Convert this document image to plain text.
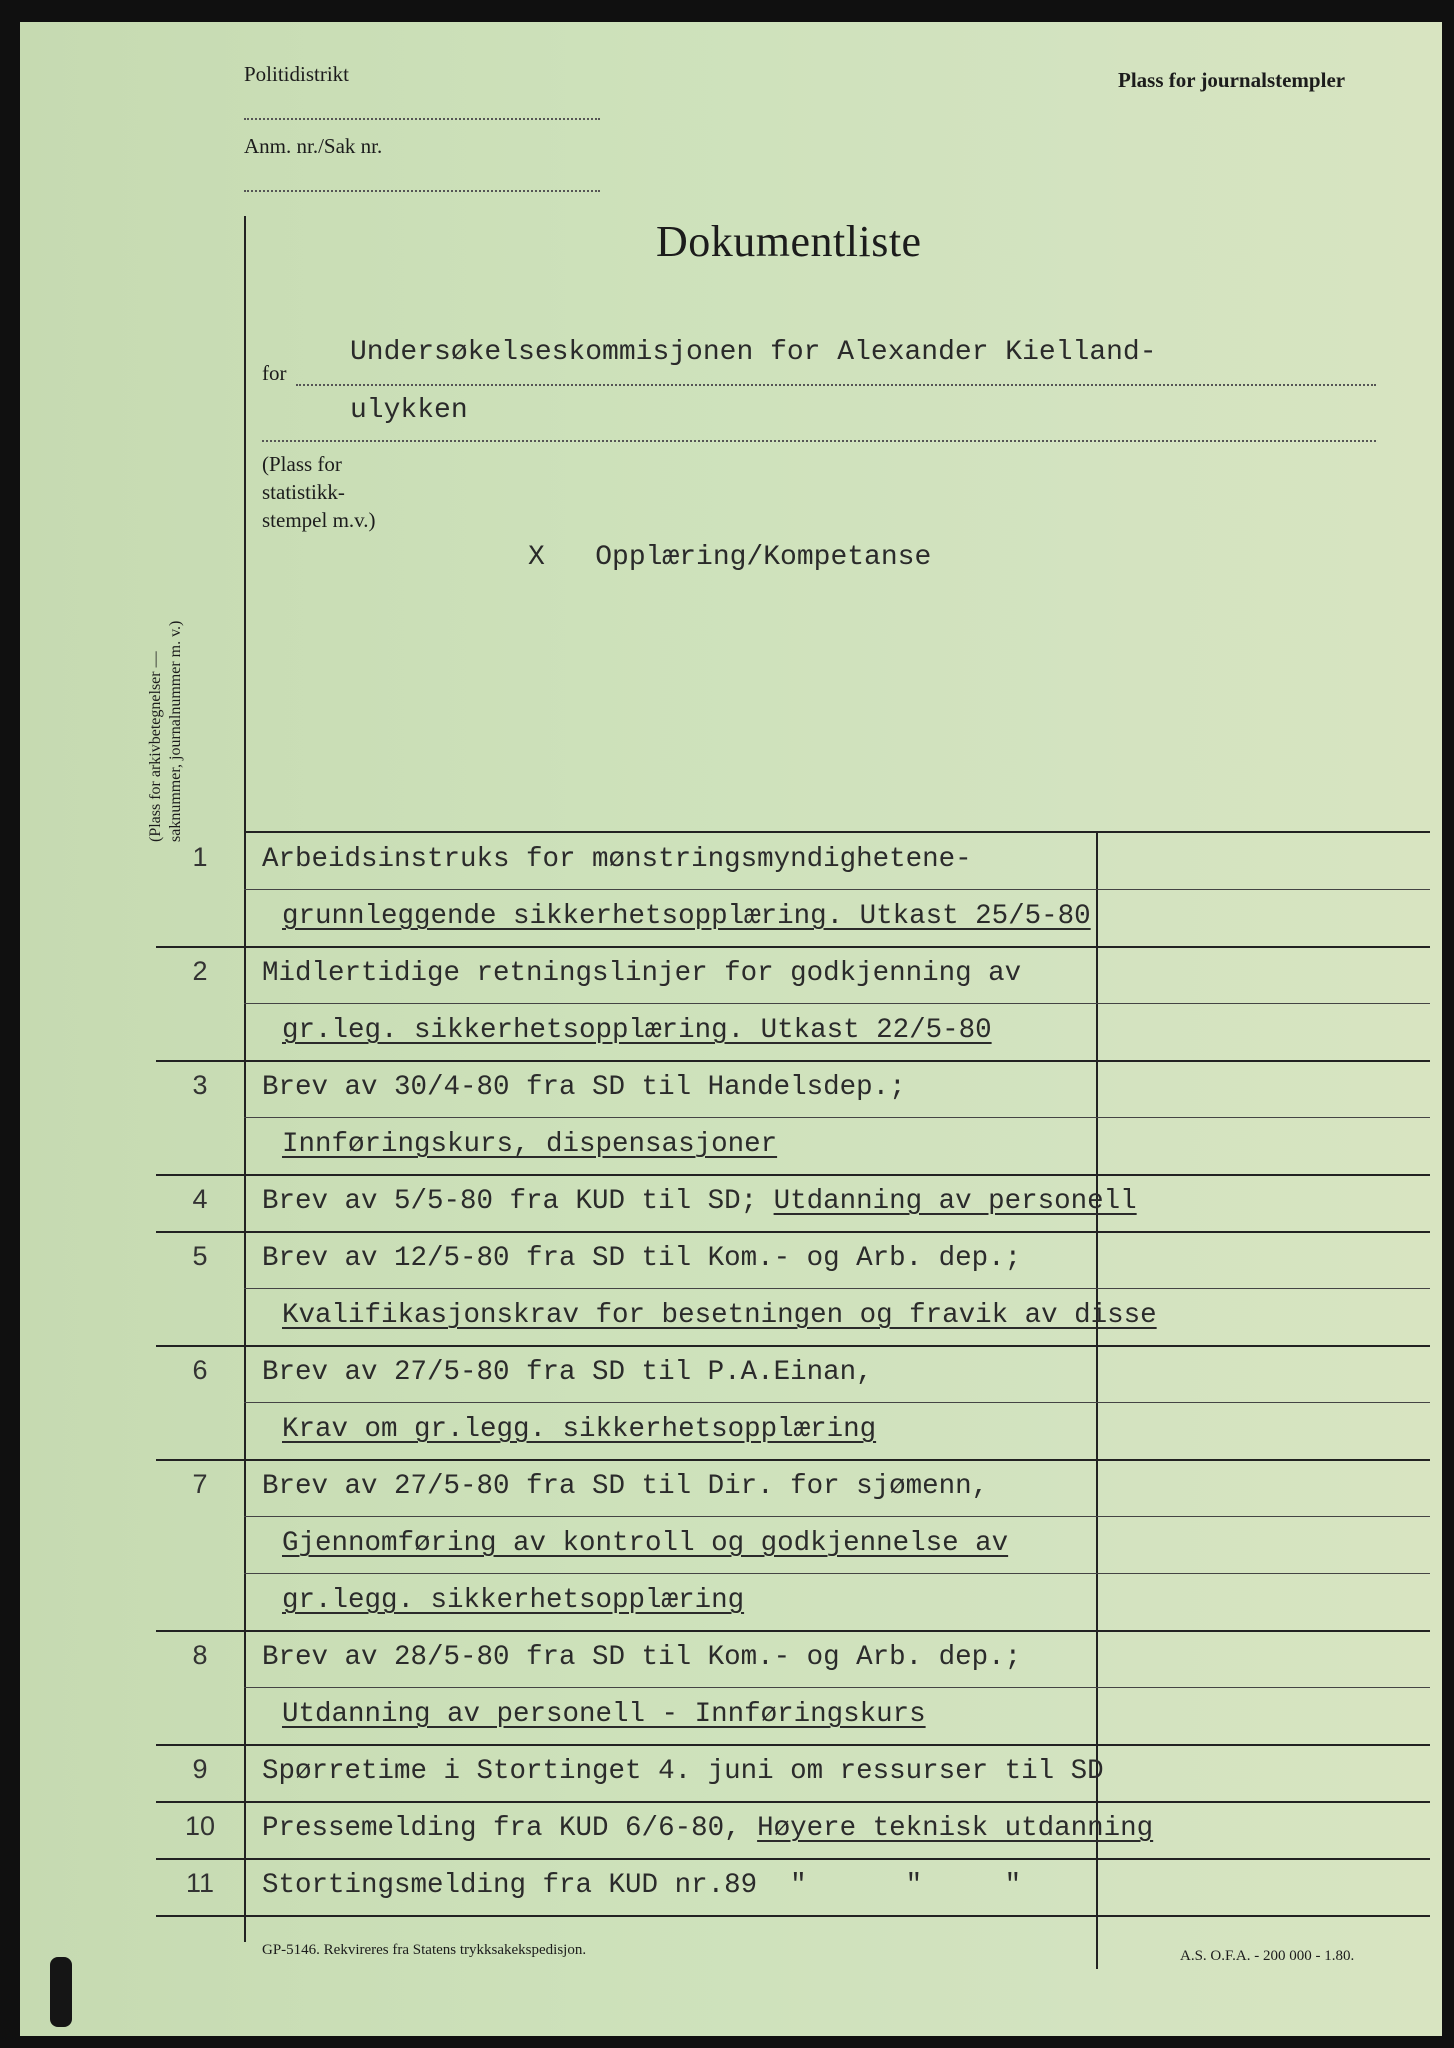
Politidistrikt
Anm. nr./Sak nr.
Plass for journalstempler
Dokumentliste
for
Undersøkelseskommisjonen for Alexander Kielland-
ulykken
(Plass for
statistikk-
stempel m.v.)
X   Opplæring/Kompetanse
(Plass for arkivbetegnelser — saknummer, journalnummer m. v.)
1	Arbeidsinstruks for mønstringsmyndighetene-
grunnleggende sikkerhetsopplæring. Utkast 25/5-80
2	Midlertidige retningslinjer for godkjenning av
gr.leg. sikkerhetsopplæring. Utkast 22/5-80
3	Brev av 30/4-80 fra SD til Handelsdep.;
Innføringskurs, dispensasjoner
4	Brev av 5/5-80 fra KUD til SD; Utdanning av personell
5	Brev av 12/5-80 fra SD til Kom.- og Arb. dep.;
Kvalifikasjonskrav for besetningen og fravik av disse
6	Brev av 27/5-80 fra SD til P.A.Einan,
Krav om gr.legg. sikkerhetsopplæring
7	Brev av 27/5-80 fra SD til Dir. for sjømenn,
Gjennomføring av kontroll og godkjennelse av
gr.legg. sikkerhetsopplæring
8	Brev av 28/5-80 fra SD til Kom.- og Arb. dep.;
Utdanning av personell - Innføringskurs
9	Spørretime i Stortinget 4. juni om ressurser til SD
10	Pressemelding fra KUD 6/6-80, Høyere teknisk utdanning
11	Stortingsmelding fra KUD nr.89  "      "     "
GP-5146. Rekvireres fra Statens trykksakekspedisjon.	A.S. O.F.A. - 200 000 - 1.80.
